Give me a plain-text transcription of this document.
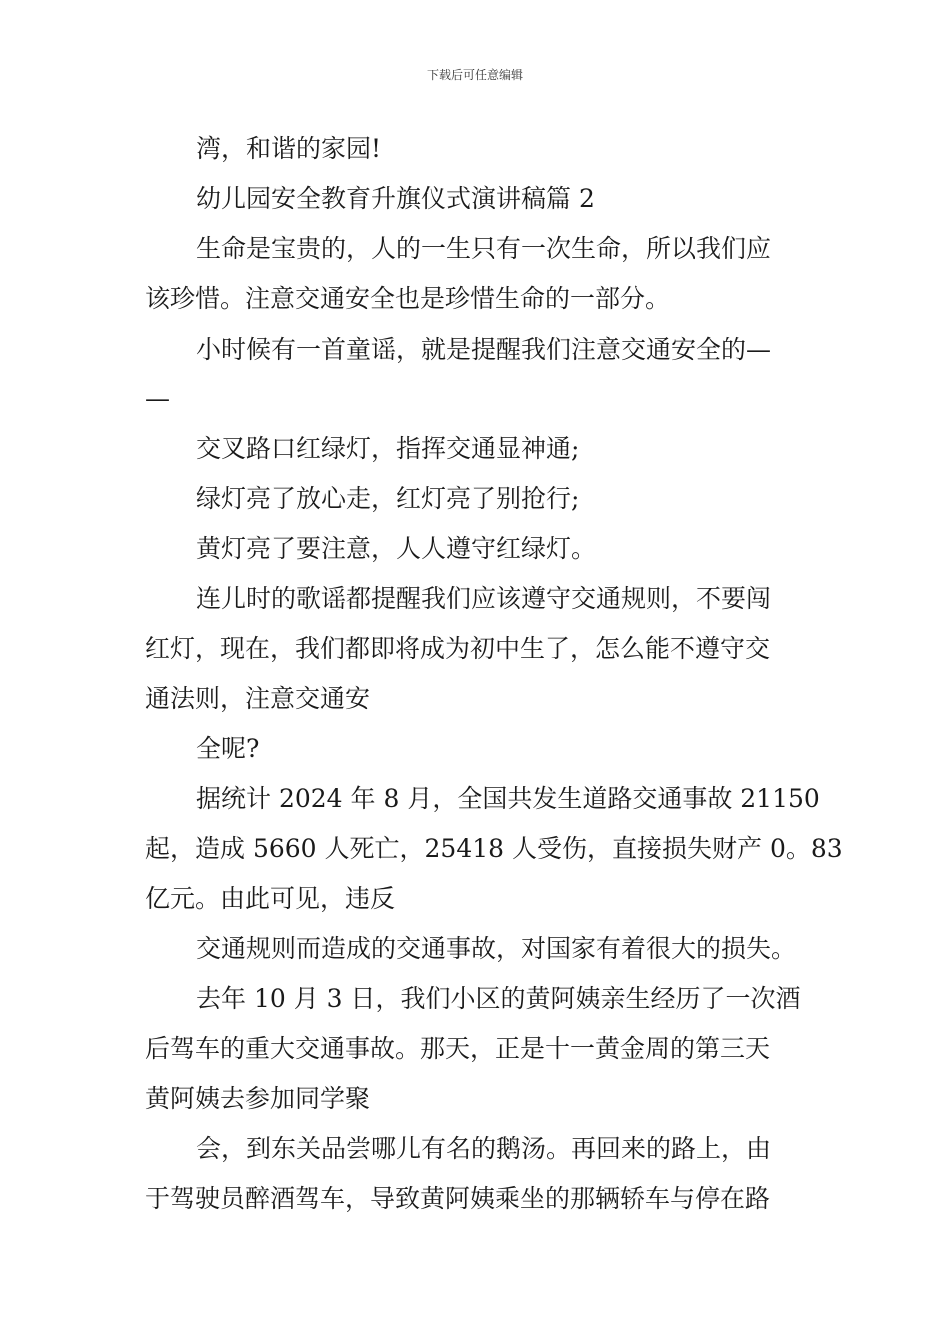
下载后可任意编辑
湾，和谐的家园!
幼儿园安全教育升旗仪式演讲稿篇 2
生命是宝贵的，人的一生只有一次生命，所以我们应
该珍惜。注意交通安全也是珍惜生命的一部分。
小时候有一首童谣，就是提醒我们注意交通安全的—
—
交叉路口红绿灯，指挥交通显神通;
绿灯亮了放心走，红灯亮了别抢行;
黄灯亮了要注意，人人遵守红绿灯。
连儿时的歌谣都提醒我们应该遵守交通规则，不要闯
红灯，现在，我们都即将成为初中生了，怎么能不遵守交
通法则，注意交通安
全呢?
据统计 2024 年 8 月，全国共发生道路交通事故 21150
起，造成 5660 人死亡，25418 人受伤，直接损失财产 0。83
亿元。由此可见，违反
交通规则而造成的交通事故，对国家有着很大的损失。
去年 10 月 3 日，我们小区的黄阿姨亲生经历了一次酒
后驾车的重大交通事故。那天，正是十一黄金周的第三天
黄阿姨去参加同学聚
会，到东关品尝哪儿有名的鹅汤。再回来的路上，由
于驾驶员醉酒驾车，导致黄阿姨乘坐的那辆轿车与停在路
